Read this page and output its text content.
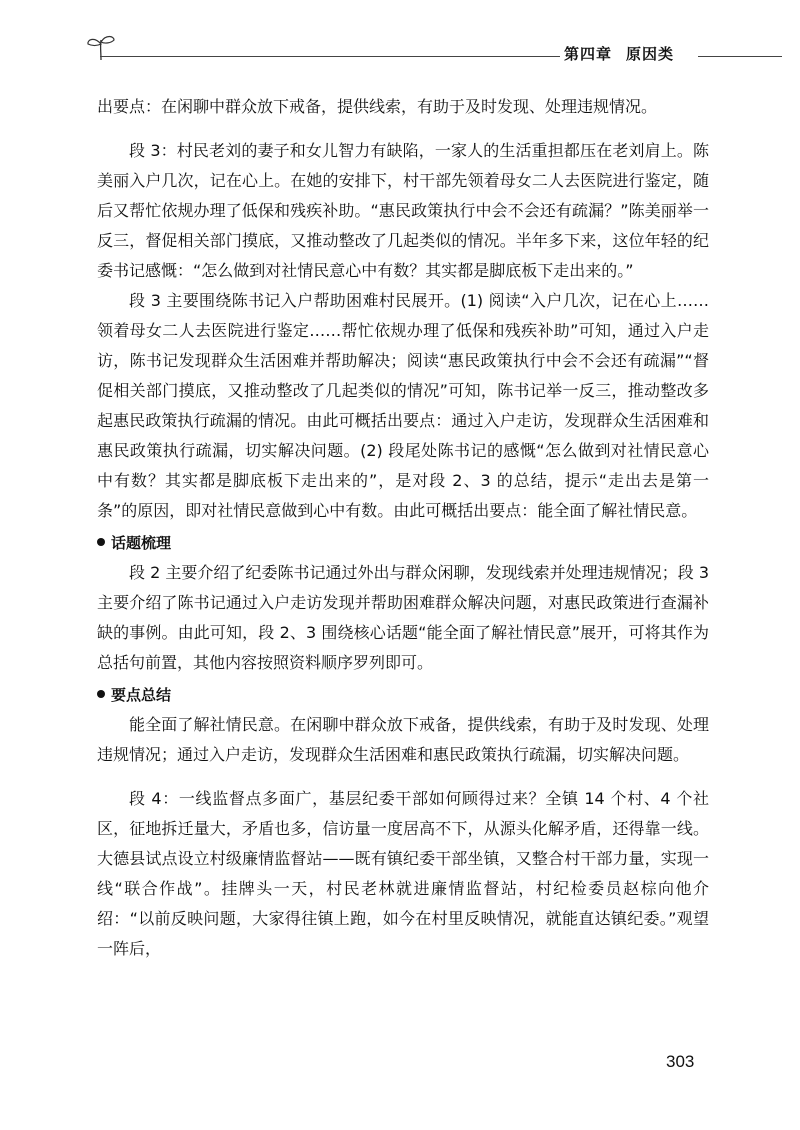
第四章 原因类

出要点：在闲聊中群众放下戒备，提供线索，有助于及时发现、处理违规情况。

段 3：村民老刘的妻子和女儿智力有缺陷，一家人的生活重担都压在老刘肩上。陈美丽入户几次，记在心上。在她的安排下，村干部先领着母女二人去医院进行鉴定，随后又帮忙依规办理了低保和残疾补助。“惠民政策执行中会不会还有疏漏？”陈美丽举一反三，督促相关部门摸底，又推动整改了几起类似的情况。半年多下来，这位年轻的纪委书记感慨：“怎么做到对社情民意心中有数？其实都是脚底板下走出来的。”

段 3 主要围绕陈书记入户帮助困难村民展开。(1) 阅读“入户几次，记在心上……领着母女二人去医院进行鉴定……帮忙依规办理了低保和残疾补助”可知，通过入户走访，陈书记发现群众生活困难并帮助解决；阅读“惠民政策执行中会不会还有疏漏”“督促相关部门摸底，又推动整改了几起类似的情况”可知，陈书记举一反三，推动整改多起惠民政策执行疏漏的情况。由此可概括出要点：通过入户走访，发现群众生活困难和惠民政策执行疏漏，切实解决问题。(2) 段尾处陈书记的感慨“怎么做到对社情民意心中有数？其实都是脚底板下走出来的”，是对段 2、3 的总结，提示“走出去是第一条”的原因，即对社情民意做到心中有数。由此可概括出要点：能全面了解社情民意。

话题梳理

段 2 主要介绍了纪委陈书记通过外出与群众闲聊，发现线索并处理违规情况；段 3 主要介绍了陈书记通过入户走访发现并帮助困难群众解决问题，对惠民政策进行查漏补缺的事例。由此可知，段 2、3 围绕核心话题“能全面了解社情民意”展开，可将其作为总括句前置，其他内容按照资料顺序罗列即可。

要点总结

能全面了解社情民意。在闲聊中群众放下戒备，提供线索，有助于及时发现、处理违规情况；通过入户走访，发现群众生活困难和惠民政策执行疏漏，切实解决问题。

段 4：一线监督点多面广，基层纪委干部如何顾得过来？全镇 14 个村、4 个社区，征地拆迁量大，矛盾也多，信访量一度居高不下，从源头化解矛盾，还得靠一线。大德县试点设立村级廉情监督站——既有镇纪委干部坐镇，又整合村干部力量，实现一线“联合作战”。挂牌头一天，村民老林就进廉情监督站，村纪检委员赵棕向他介绍：“以前反映问题，大家得往镇上跑，如今在村里反映情况，就能直达镇纪委。”观望一阵后，

303
